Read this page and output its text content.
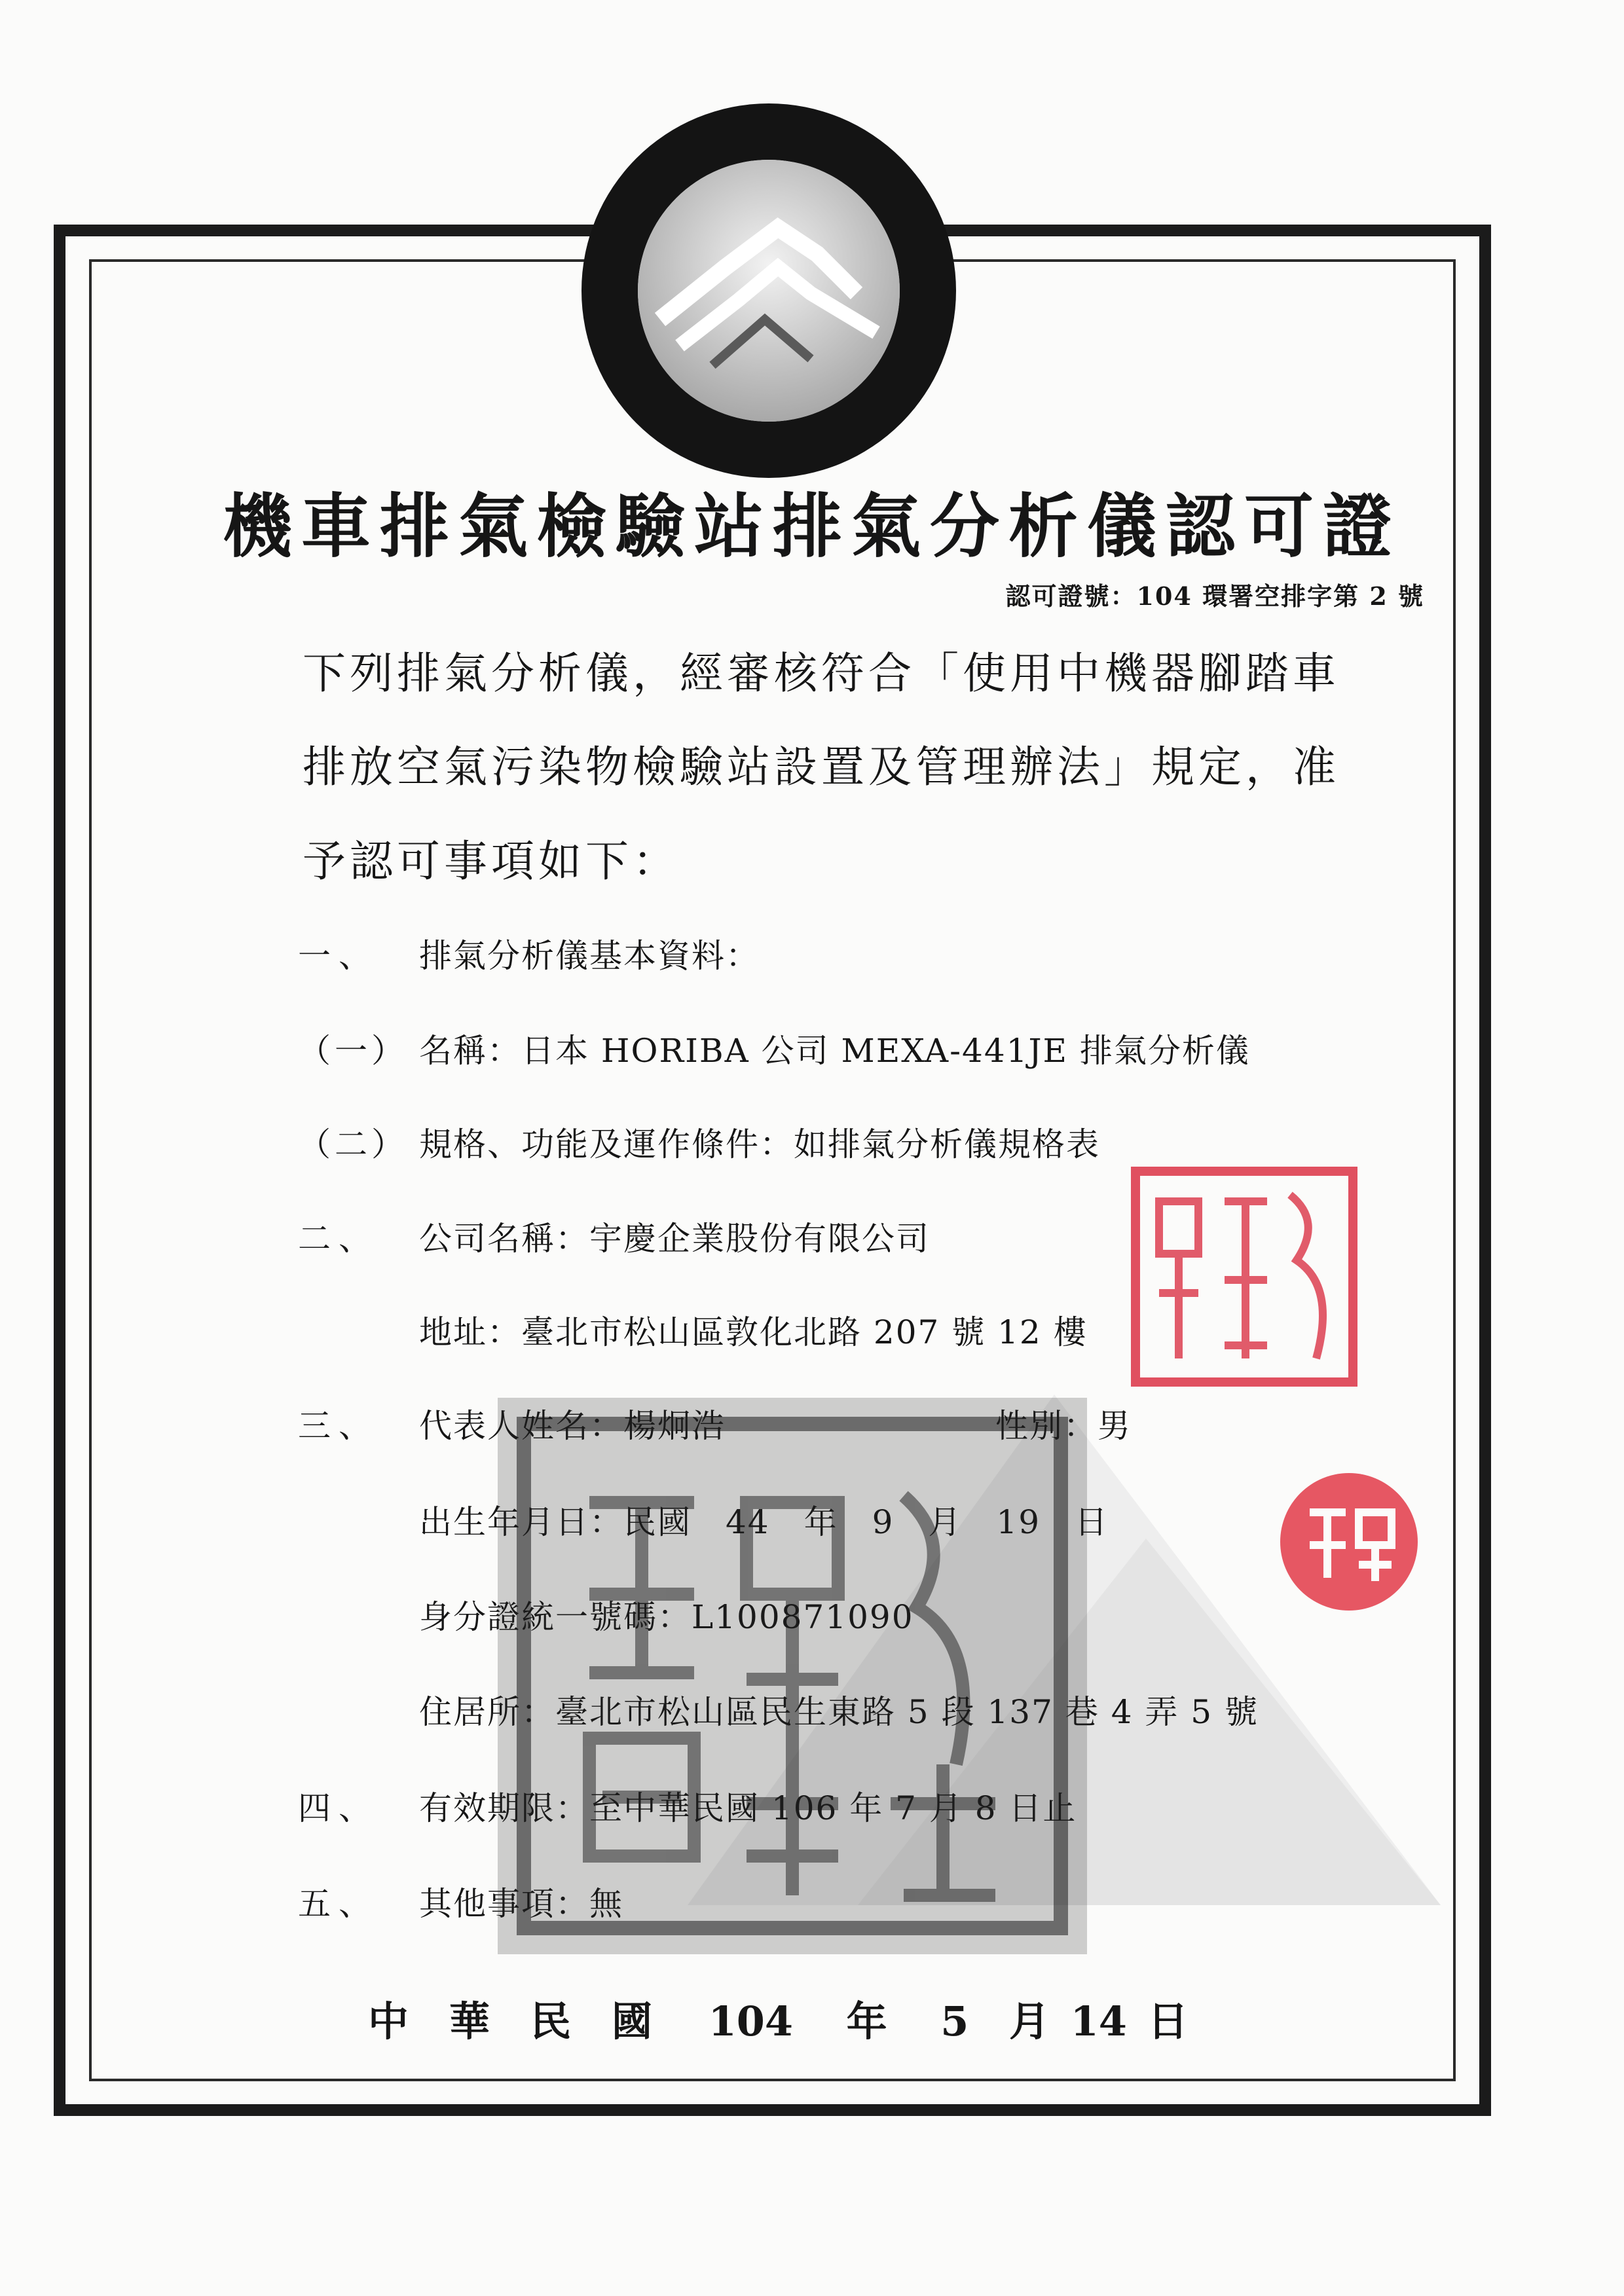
機車排氣檢驗站排氣分析儀認可證
認可證號：104 環署空排字第 2 號
下列排氣分析儀，經審核符合「使用中機器腳踏車
排放空氣污染物檢驗站設置及管理辦法」規定，准
予認可事項如下：
一、 排氣分析儀基本資料：
（一） 名稱：日本 HORIBA 公司 MEXA-441JE 排氣分析儀
（二） 規格、功能及運作條件：如排氣分析儀規格表
二、 公司名稱：宇慶企業股份有限公司
地址：臺北市松山區敦化北路 207 號 12 樓
三、 代表人姓名：楊炯浩	性別：男
出生年月日：民國　44　年　9　月　19　日
身分證統一號碼：L100871090
住居所：臺北市松山區民生東路 5 段 137 巷 4 弄 5 號
四、 有效期限：至中華民國 106 年 7 月 8 日止
五、 其他事項：無
中　華　民　國 104 年 5 月 14 日
